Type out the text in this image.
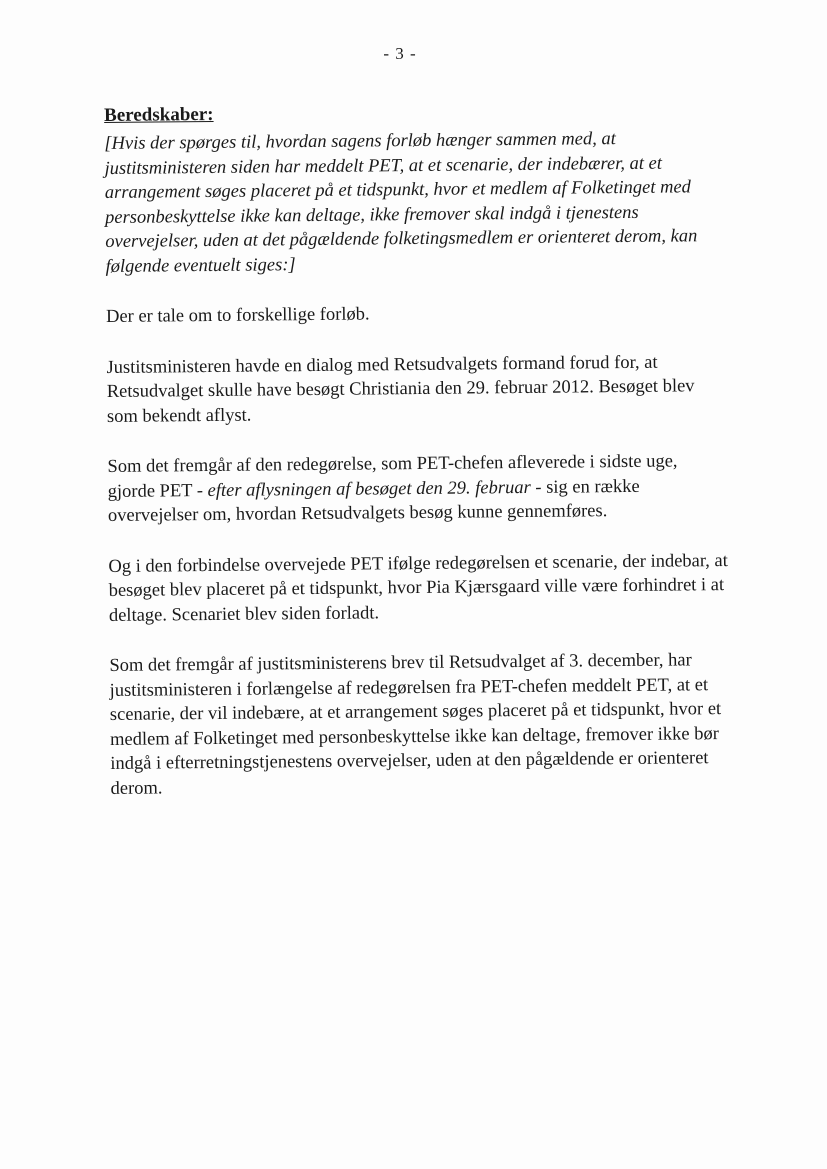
- 3 -

Beredskaber:

[Hvis der spørges til, hvordan sagens forløb hænger sammen med, at justitsministeren siden har meddelt PET, at et scenarie, der indebærer, at et arrangement søges placeret på et tidspunkt, hvor et medlem af Folketinget med personbeskyttelse ikke kan deltage, ikke fremover skal indgå i tjenestens overvejelser, uden at det pågældende folketingsmedlem er orienteret derom, kan følgende eventuelt siges:]

Der er tale om to forskellige forløb.

Justitsministeren havde en dialog med Retsudvalgets formand forud for, at Retsudvalget skulle have besøgt Christiania den 29. februar 2012. Besøget blev som bekendt aflyst.

Som det fremgår af den redegørelse, som PET-chefen afleverede i sidste uge, gjorde PET - efter aflysningen af besøget den 29. februar - sig en række overvejelser om, hvordan Retsudvalgets besøg kunne gennemføres.

Og i den forbindelse overvejede PET ifølge redegørelsen et scenarie, der indebar, at besøget blev placeret på et tidspunkt, hvor Pia Kjærsgaard ville være forhindret i at deltage. Scenariet blev siden forladt.

Som det fremgår af justitsministerens brev til Retsudvalget af 3. december, har justitsministeren i forlængelse af redegørelsen fra PET-chefen meddelt PET, at et scenarie, der vil indebære, at et arrangement søges placeret på et tidspunkt, hvor et medlem af Folketinget med personbeskyttelse ikke kan deltage, fremover ikke bør indgå i efterretningstjenestens overvejelser, uden at den pågældende er orienteret derom.
